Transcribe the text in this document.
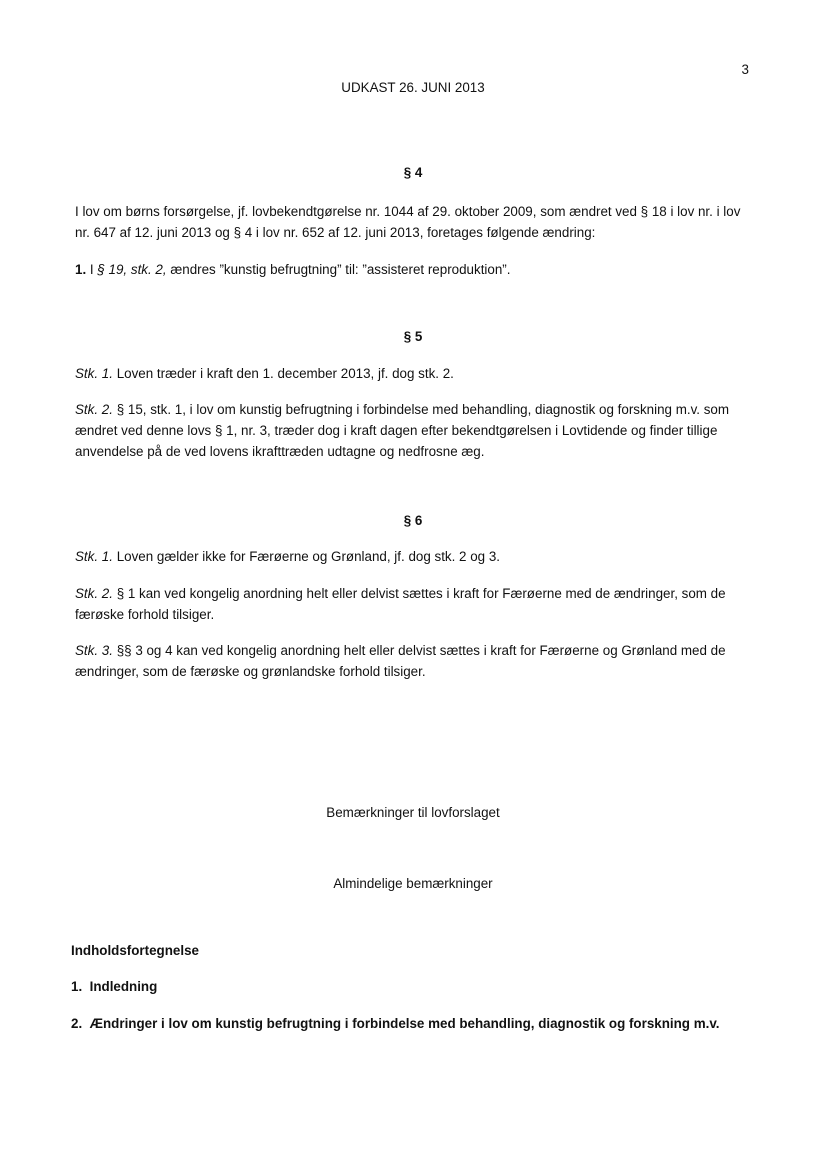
3
UDKAST 26. JUNI 2013
§ 4

I lov om børns forsørgelse, jf. lovbekendtgørelse nr. 1044 af 29. oktober 2009, som ændret ved § 18 i lov nr. i lov nr. 647 af 12. juni 2013 og § 4 i lov nr. 652 af 12. juni 2013, foretages følgende ændring:

1. I § 19, stk. 2, ændres ”kunstig befrugtning” til: ”assisteret reproduktion”.

§ 5

Stk. 1. Loven træder i kraft den 1. december 2013, jf. dog stk. 2.

Stk. 2. § 15, stk. 1, i lov om kunstig befrugtning i forbindelse med behandling, diagnostik og forskning m.v. som ændret ved denne lovs § 1, nr. 3, træder dog i kraft dagen efter bekendtgørelsen i Lovtidende og finder tillige anvendelse på de ved lovens ikrafttræden udtagne og nedfrosne æg.

§ 6

Stk. 1. Loven gælder ikke for Færøerne og Grønland, jf. dog stk. 2 og 3.

Stk. 2. § 1 kan ved kongelig anordning helt eller delvist sættes i kraft for Færøerne med de ændringer, som de færøske forhold tilsiger.

Stk. 3. §§ 3 og 4 kan ved kongelig anordning helt eller delvist sættes i kraft for Færøerne og Grønland med de ændringer, som de færøske og grønlandske forhold tilsiger.

Bemærkninger til lovforslaget
Almindelige bemærkninger
Indholdsfortegnelse
1.  Indledning
2.  Ændringer i lov om kunstig befrugtning i forbindelse med behandling, diagnostik og forskning m.v.
